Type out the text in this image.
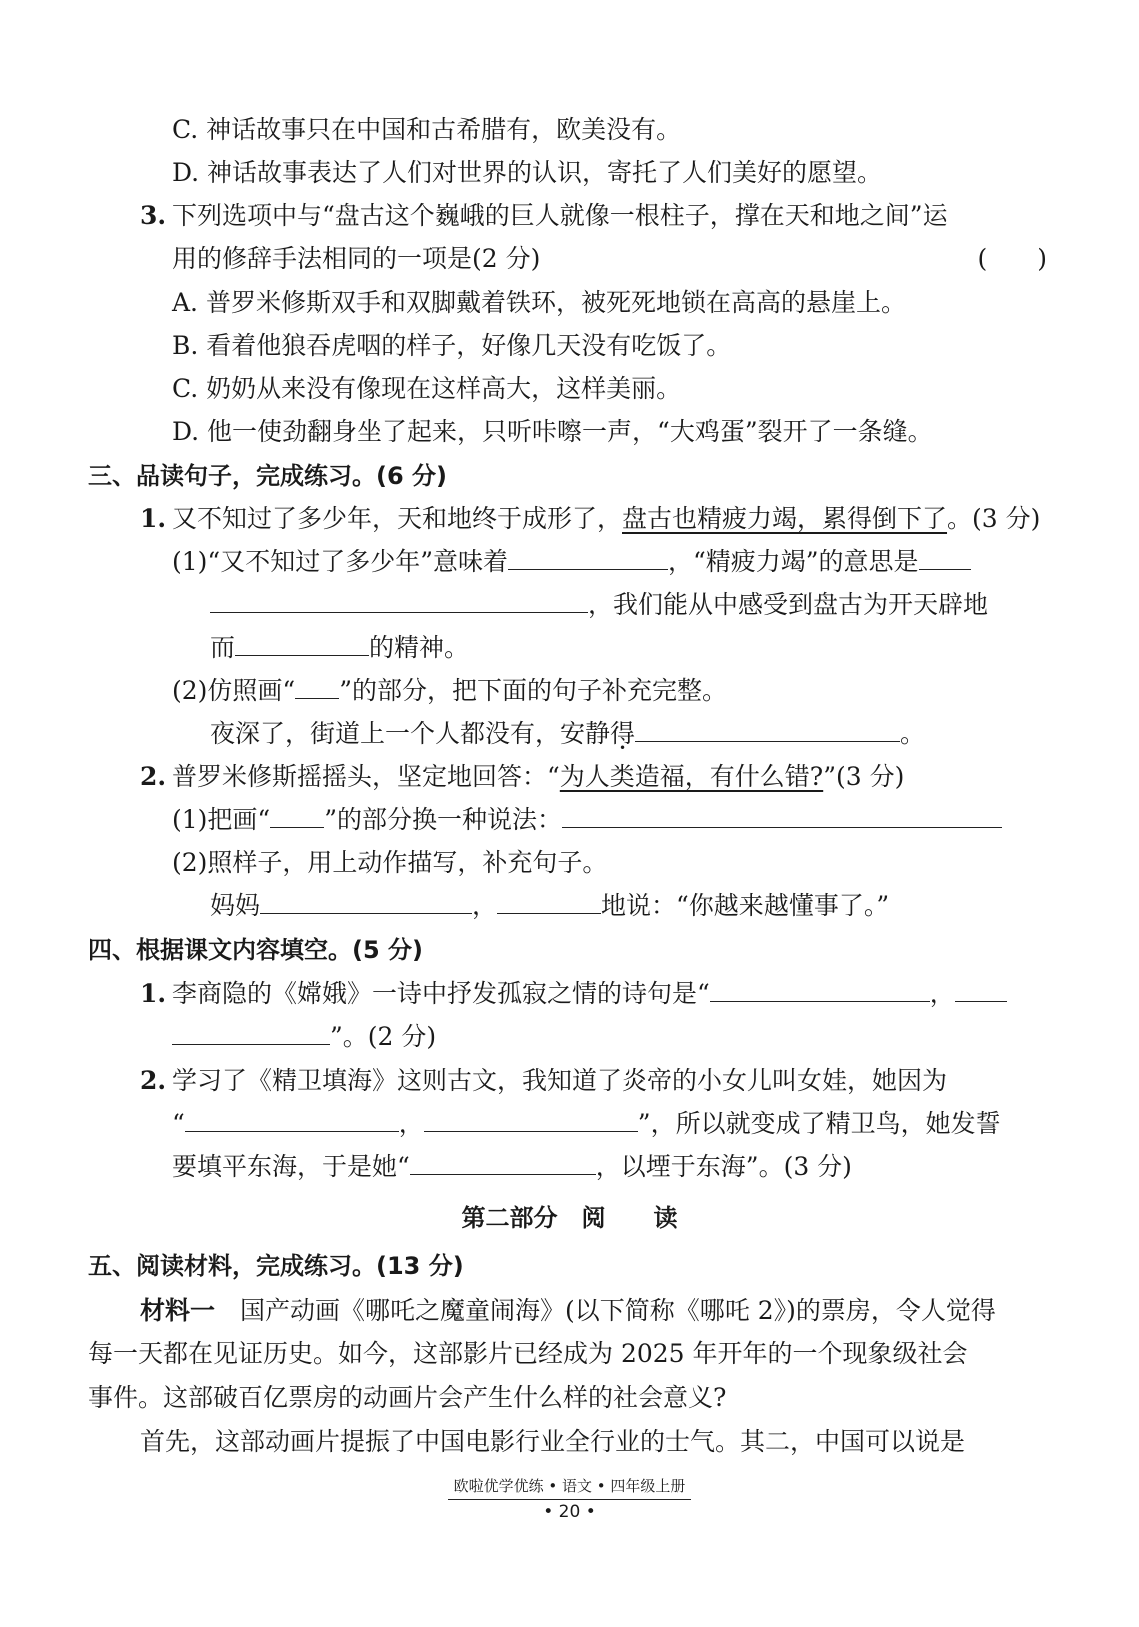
C. 神话故事只在中国和古希腊有，欧美没有。
D. 神话故事表达了人们对世界的认识，寄托了人们美好的愿望。
3. 下列选项中与“盘古这个巍峨的巨人就像一根柱子，撑在天和地之间”运
用的修辞手法相同的一项是(2 分)	(　　)
A. 普罗米修斯双手和双脚戴着铁环，被死死地锁在高高的悬崖上。
B. 看着他狼吞虎咽的样子，好像几天没有吃饭了。
C. 奶奶从来没有像现在这样高大，这样美丽。
D. 他一使劲翻身坐了起来，只听咔嚓一声，“大鸡蛋”裂开了一条缝。
三、品读句子，完成练习。(6 分)
1. 又不知过了多少年，天和地终于成形了，盘古也精疲力竭，累得倒下了。(3 分)
(1)“又不知过了多少年”意味着	，“精疲力竭”的意思是
，我们能从中感受到盘古为开天辟地
而	的精神。
(2)仿照画“ ”的部分，把下面的句子补充完整。
夜深了，街道上一个人都没有，安静得	。
2. 普罗米修斯摇摇头，坚定地回答：“为人类造福，有什么错?”(3 分)
(1)把画“ ”的部分换一种说法：
(2)照样子，用上动作描写，补充句子。
妈妈	，	地说：“你越来越懂事了。”
四、根据课文内容填空。(5 分)
1. 李商隐的《嫦娥》一诗中抒发孤寂之情的诗句是“	，
”。(2 分)
2. 学习了《精卫填海》这则古文，我知道了炎帝的小女儿叫女娃，她因为
“	，	”，所以就变成了精卫鸟，她发誓
要填平东海，于是她“	，以堙于东海”。(3 分)
第二部分　阅　　读
五、阅读材料，完成练习。(13 分)
材料一　国产动画《哪吒之魔童闹海》(以下简称《哪吒 2》)的票房，令人觉得
每一天都在见证历史。如今，这部影片已经成为 2025 年开年的一个现象级社会
事件。这部破百亿票房的动画片会产生什么样的社会意义?
首先，这部动画片提振了中国电影行业全行业的士气。其二，中国可以说是
欧啦优学优练 • 语文 • 四年级上册
• 20 •
